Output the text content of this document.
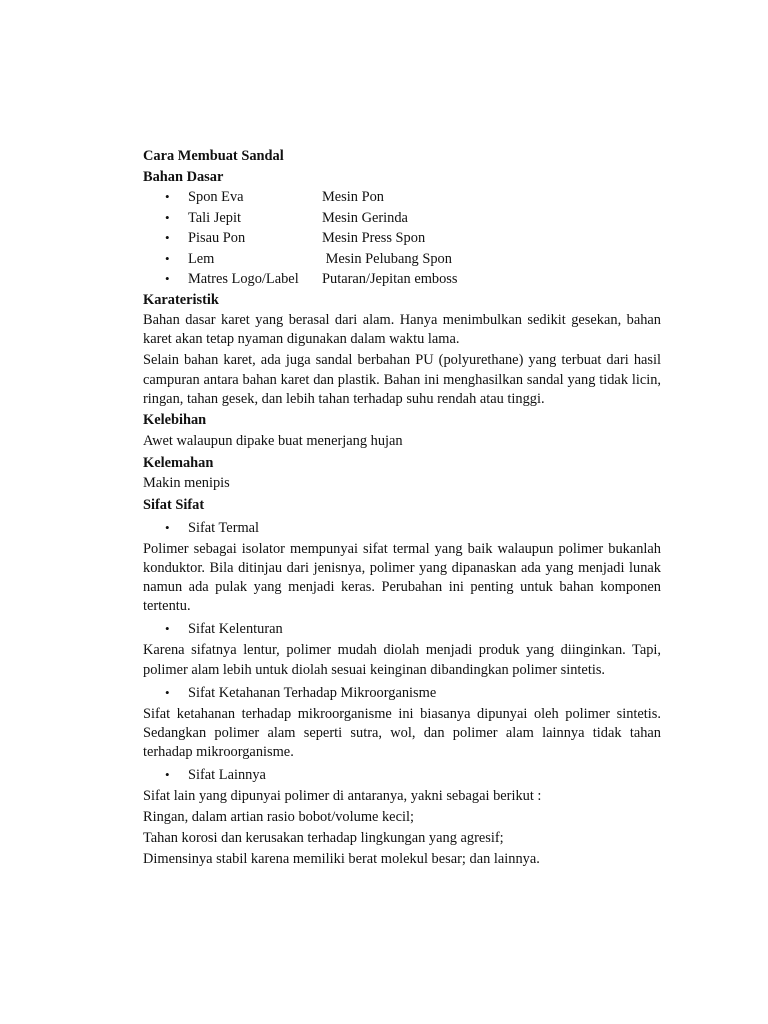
Cara Membuat Sandal
Bahan Dasar
•	Spon Eva	Mesin Pon
•	Tali Jepit	Mesin Gerinda
•	Pisau Pon	Mesin Press Spon
•	Lem	Mesin Pelubang Spon
•	Matres Logo/Label	Putaran/Jepitan emboss
Karateristik

Bahan dasar karet yang berasal dari alam. Hanya menimbulkan sedikit gesekan, bahan karet akan tetap nyaman digunakan dalam waktu lama.

Selain bahan karet, ada juga sandal berbahan PU (polyurethane) yang terbuat dari hasil campuran antara bahan karet dan plastik. Bahan ini menghasilkan sandal yang tidak licin, ringan, tahan gesek, dan lebih tahan terhadap suhu rendah atau tinggi.

Kelebihan
Awet walaupun dipake buat menerjang hujan
Kelemahan
Makin menipis
Sifat Sifat
•	Sifat Termal

Polimer sebagai isolator mempunyai sifat termal yang baik walaupun polimer bukanlah konduktor. Bila ditinjau dari jenisnya, polimer yang dipanaskan ada yang menjadi lunak namun ada pulak yang menjadi keras. Perubahan ini penting untuk bahan komponen tertentu.

•	Sifat Kelenturan

Karena sifatnya lentur, polimer mudah diolah menjadi produk yang diinginkan. Tapi, polimer alam lebih untuk diolah sesuai keinginan dibandingkan polimer sintetis.

•	Sifat Ketahanan Terhadap Mikroorganisme

Sifat ketahanan terhadap mikroorganisme ini biasanya dipunyai oleh polimer sintetis. Sedangkan polimer alam seperti sutra, wol, dan polimer alam lainnya tidak tahan terhadap mikroorganisme.

•	Sifat Lainnya
Sifat lain yang dipunyai polimer di antaranya, yakni sebagai berikut :
Ringan, dalam artian rasio bobot/volume kecil;
Tahan korosi dan kerusakan terhadap lingkungan yang agresif;
Dimensinya stabil karena memiliki berat molekul besar; dan lainnya.
